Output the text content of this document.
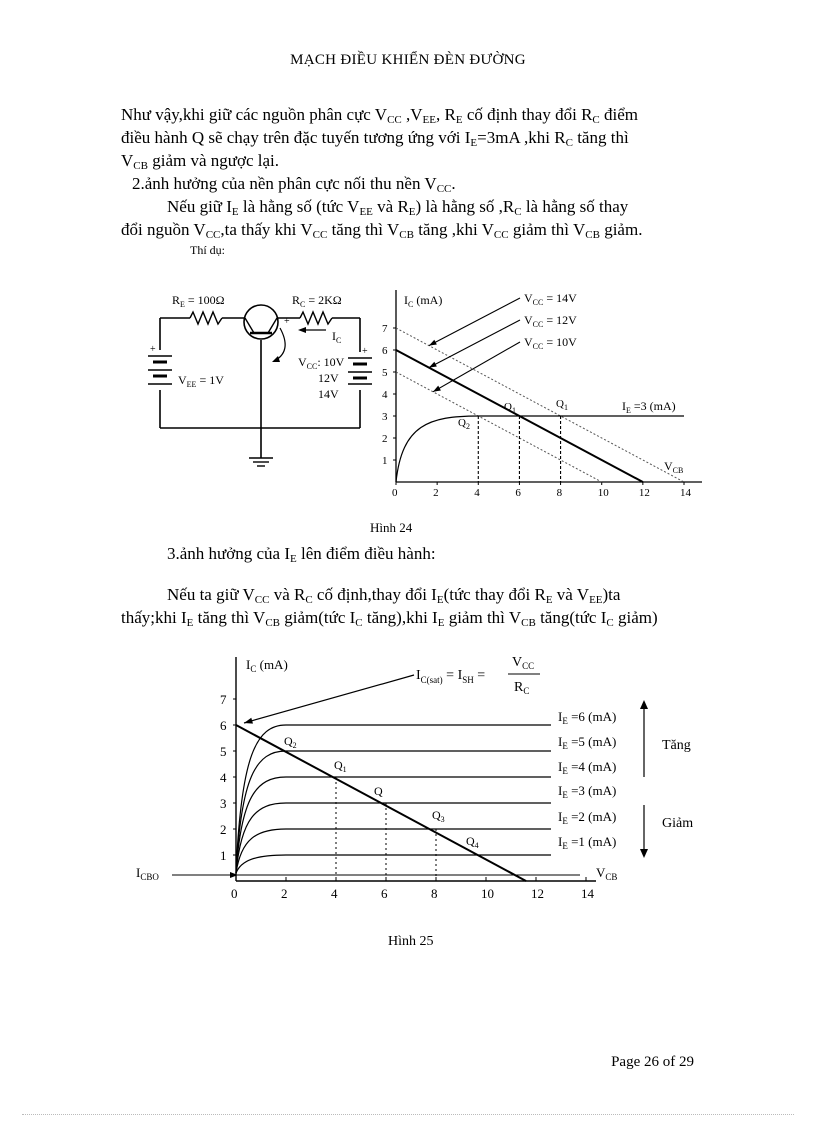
MẠCH ĐIỀU KHIỂN ĐÈN ĐƯỜNG
Như vậy,khi giữ các nguồn phân cực $V_{CC}$ $,V_{EE}$, $R_E$ cố định thay đổi $R_C$ điểm
điều hành Q sẽ chạy trên đặc tuyến tương ứng với $I_E=3mA$ ,khi $R_C$ tăng thì
$V_{CB}$ giảm và ngược lại.
2.ảnh hưởng của nền phân cực nối thu nền $V_{CC}$.
Nếu giữ $I_E$ là hằng số (tức $V_{EE}$ và $R_E$) là hằng số $,R_C$ là hằng số thay
đổi nguồn $V_{CC},ta$ thấy khi $V_{CC}$ tăng thì $V_{CB}$ tăng ,khi $V_{CC}$ giảm thì $V_{CB}$ giảm.
Thí dụ:
+	+
+
$R_E = 100\Omega$	$R_C = 2K\Omega$
$I_C$
$V_{EE} = 1V$
$V_{CC}$: 10V
12V
14V
0	2	4	6	8	10	12	14
1
2
3
4
5
6
7
$I_C$ (mA)
$V_{CB}$
$V_{CC} = 14V$
$V_{CC} = 12V$
$V_{CC} = 10V$
$I_E =3$ (mA)
$Q_2$
$Q_1$
$Q_1$
Hình 24
3.ảnh hưởng của $I_E$ lên điểm điều hành:
Nếu ta giữ $V_{CC}$ và $R_C$ cố định,thay đổi $I_E(tức$ thay đổi $R_E$ và $V_{EE})ta$
thấy;khi $I_E$ tăng thì $V_{CB}$ giảm(tức $I_C$ tăng),khi $I_E$ giảm thì $V_{CB}$ tăng(tức $I_C$ giảm)
0	2	4	6	8	10	12	14
1
2
3
4
5
6
7
$I_C$ (mA)
$V_{CB}$
$I_{CBO}$
$I_{C(sat)} = I_{SH}$ =
$V_{CC}$
$R_C$
$I_E =6$ (mA)
$I_E =5$ (mA)
$I_E =4$ (mA)
$I_E =3$ (mA)
$I_E =2$ (mA)
$I_E =1$ (mA)
Tăng
Giảm
$Q_2$
$Q_1$
Q
$Q_3$
$Q_4$
Hình 25
Page 26 of 29
